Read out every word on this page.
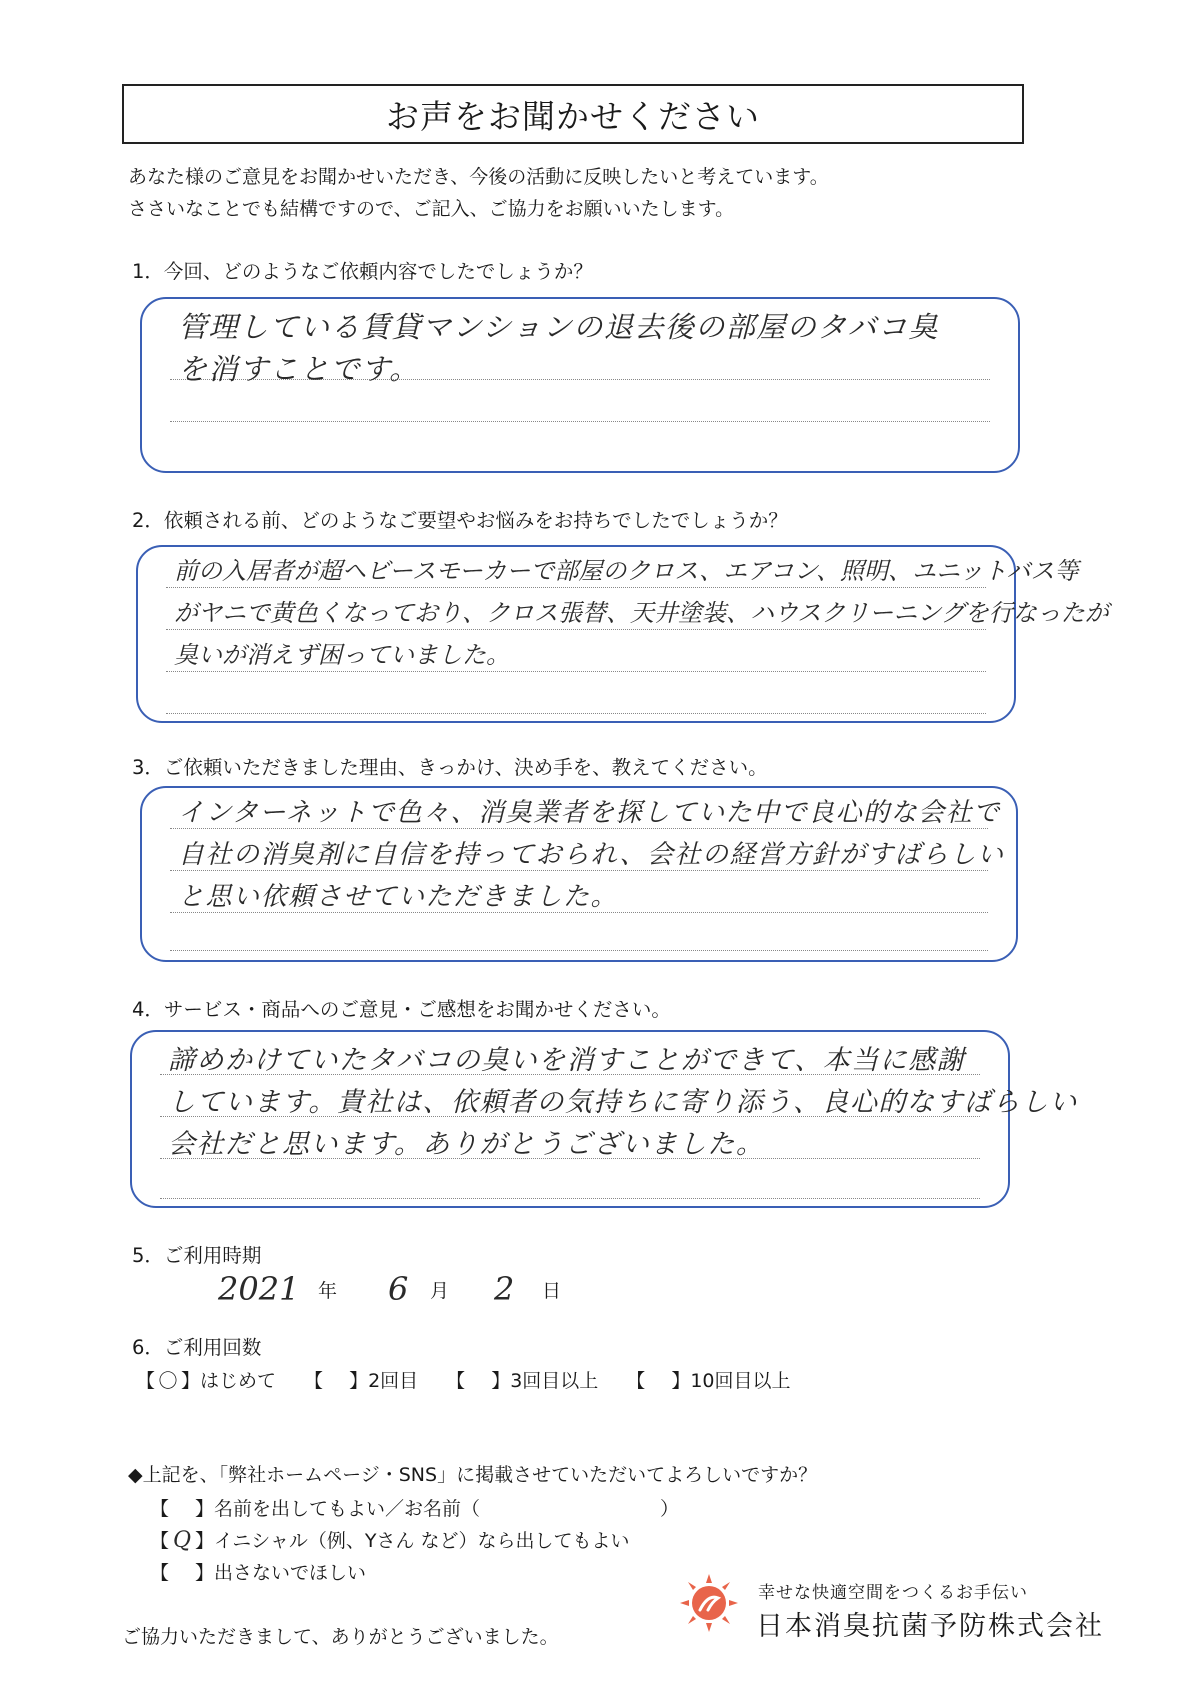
お声をお聞かせください
あなた様のご意見をお聞かせいただき、今後の活動に反映したいと考えています。
ささいなことでも結構ですので、ご記入、ご協力をお願いいたします。
1．今回、どのようなご依頼内容でしたでしょうか？
管理している賃貸マンションの退去後の部屋のタバコ臭
を消すことです。
2．依頼される前、どのようなご要望やお悩みをお持ちでしたでしょうか？
前の入居者が超ヘビースモーカーで部屋のクロス、エアコン、照明、ユニットバス等
がヤニで黄色くなっており、クロス張替、天井塗装、ハウスクリーニングを行なったが
臭いが消えず困っていました。
3．ご依頼いただきました理由、きっかけ、決め手を、教えてください。
インターネットで色々、消臭業者を探していた中で良心的な会社で
自社の消臭剤に自信を持っておられ、会社の経営方針がすばらしい
と思い依頼させていただきました。
4．サービス・商品へのご意見・ご感想をお聞かせください。
諦めかけていたタバコの臭いを消すことができて、本当に感謝
しています。貴社は、依頼者の気持ちに寄り添う、良心的なすばらしい
会社だと思います。ありがとうございました。
5．ご利用時期
2021 年 6 月 2 日
6．ご利用回数
【 〇 】はじめて 【 】2回目 【 】3回目以上 【 】10回目以上
◆上記を、「弊社ホームページ・SNS」に掲載させていただいてよろしいですか？
【 】名前を出してもよい／お名前（	）
【 Q 】イニシャル（例、Yさん など）なら出してもよい
【 】出さないでほしい
ご協力いただきまして、ありがとうございました。
幸せな快適空間をつくるお手伝い
日本消臭抗菌予防株式会社
